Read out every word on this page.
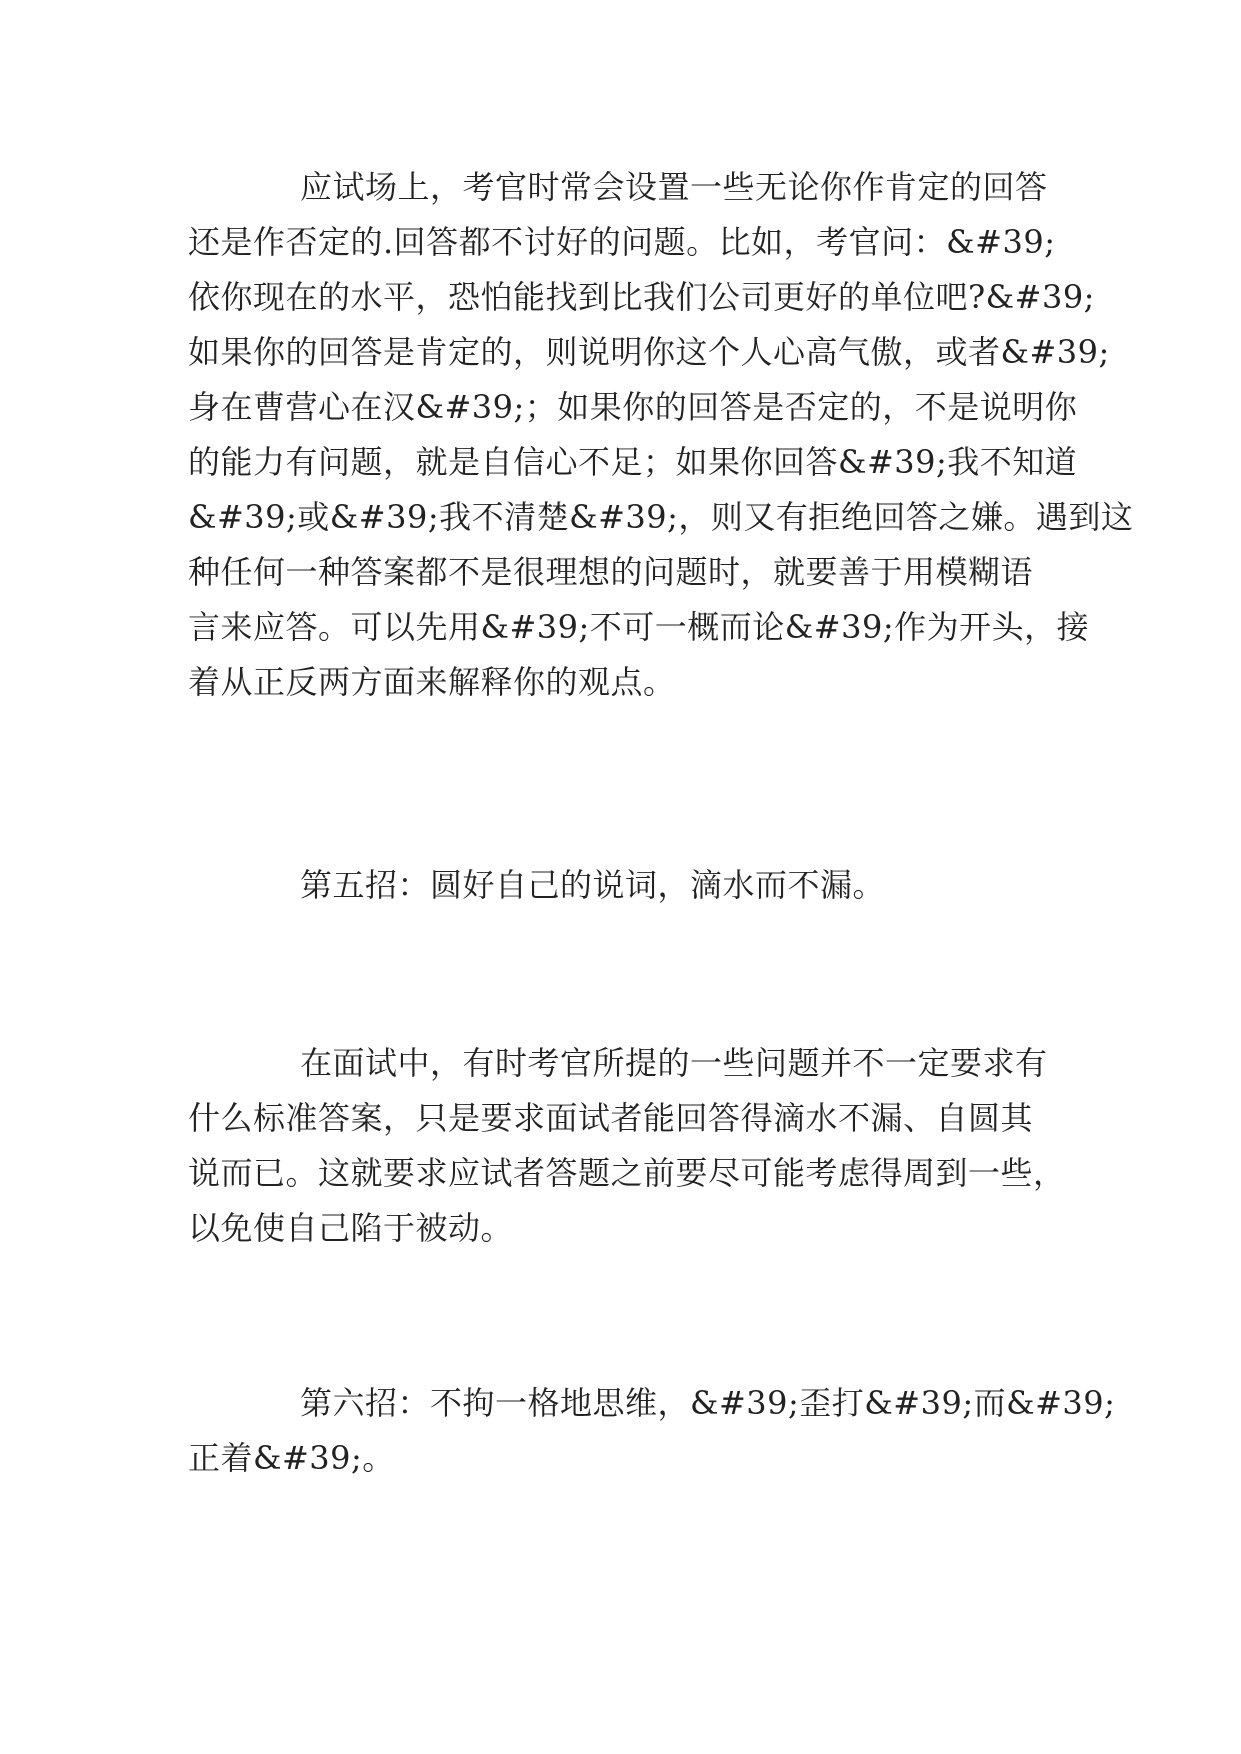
应试场上，考官时常会设置一些无论你作肯定的回答
还是作否定的.回答都不讨好的问题。比如，考官问：&#39;
依你现在的水平，恐怕能找到比我们公司更好的单位吧?&#39;
如果你的回答是肯定的，则说明你这个人心高气傲，或者&#39;
身在曹营心在汉&#39;；如果你的回答是否定的，不是说明你
的能力有问题，就是自信心不足；如果你回答&#39;我不知道
&#39;或&#39;我不清楚&#39;，则又有拒绝回答之嫌。遇到这
种任何一种答案都不是很理想的问题时，就要善于用模糊语
言来应答。可以先用&#39;不可一概而论&#39;作为开头，接
着从正反两方面来解释你的观点。
第五招：圆好自己的说词，滴水而不漏。
在面试中，有时考官所提的一些问题并不一定要求有
什么标准答案，只是要求面试者能回答得滴水不漏、自圆其
说而已。这就要求应试者答题之前要尽可能考虑得周到一些，
以免使自己陷于被动。
第六招：不拘一格地思维，&#39;歪打&#39;而&#39;
正着&#39;。
